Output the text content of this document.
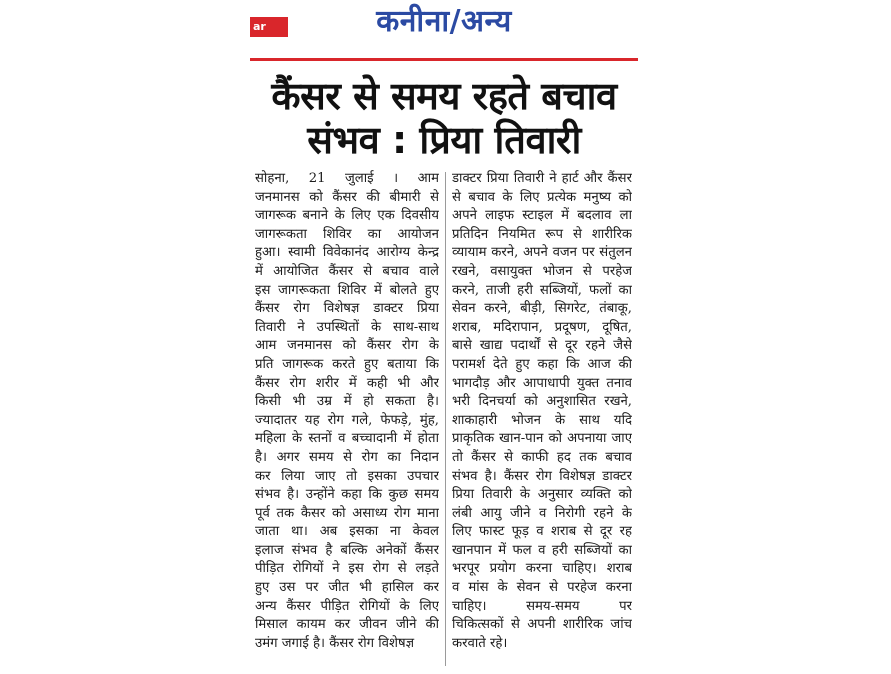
ar	कनीना/अन्य
कैंसर से समय रहते बचाव
संभव : प्रिया तिवारी
सोहना, 21 जुलाई । आम
जनमानस को कैंसर की बीमारी से
जागरूक बनाने के लिए एक दिवसीय
जागरूकता शिविर का आयोजन
हुआ। स्वामी विवेकानंद आरोग्य केन्द्र
में आयोजित कैंसर से बचाव वाले
इस जागरूकता शिविर में बोलते हुए
कैंसर रोग विशेषज्ञ डाक्टर प्रिया
तिवारी ने उपस्थितों के साथ-साथ
आम जनमानस को कैंसर रोग के
प्रति जागरूक करते हुए बताया कि
कैंसर रोग शरीर में कही भी और
किसी भी उम्र में हो सकता है।
ज्यादातर यह रोग गले, फेफड़े, मुंह,
महिला के स्तनों व बच्चादानी में होता
है। अगर समय से रोग का निदान
कर लिया जाए तो इसका उपचार
संभव है। उन्होंने कहा कि कुछ समय
पूर्व तक कैसर को असाध्य रोग माना
जाता था। अब इसका ना केवल
इलाज संभव है बल्कि अनेकों कैंसर
पीड़ित रोगियों ने इस रोग से लड़ते
हुए उस पर जीत भी हासिल कर
अन्य कैंसर पीड़ित रोगियों के लिए
मिसाल कायम कर जीवन जीने की
उमंग जगाई है। कैंसर रोग विशेषज्ञ
डाक्टर प्रिया तिवारी ने हार्ट और कैंसर
से बचाव के लिए प्रत्येक मनुष्य को
अपने लाइफ स्टाइल में बदलाव ला
प्रतिदिन नियमित रूप से शारीरिक
व्यायाम करने, अपने वजन पर संतुलन
रखने, वसायुक्त भोजन से परहेज
करने, ताजी हरी सब्जियों, फलों का
सेवन करने, बीड़ी, सिगरेट, तंबाकू,
शराब, मदिरापान, प्रदूषण, दूषित,
बासे खाद्य पदार्थों से दूर रहने जैसे
परामर्श देते हुए कहा कि आज की
भागदौड़ और आपाधापी युक्त तनाव
भरी दिनचर्या को अनुशासित रखने,
शाकाहारी भोजन के साथ यदि
प्राकृतिक खान-पान को अपनाया जाए
तो कैंसर से काफी हद तक बचाव
संभव है। कैंसर रोग विशेषज्ञ डाक्टर
प्रिया तिवारी के अनुसार व्यक्ति को
लंबी आयु जीने व निरोगी रहने के
लिए फास्ट फूड़ व शराब से दूर रह
खानपान में फल व हरी सब्जियों का
भरपूर प्रयोग करना चाहिए। शराब
व मांस के सेवन से परहेज करना
चाहिए। समय-समय पर
चिकित्सकों से अपनी शारीरिक जांच
करवाते रहे।
